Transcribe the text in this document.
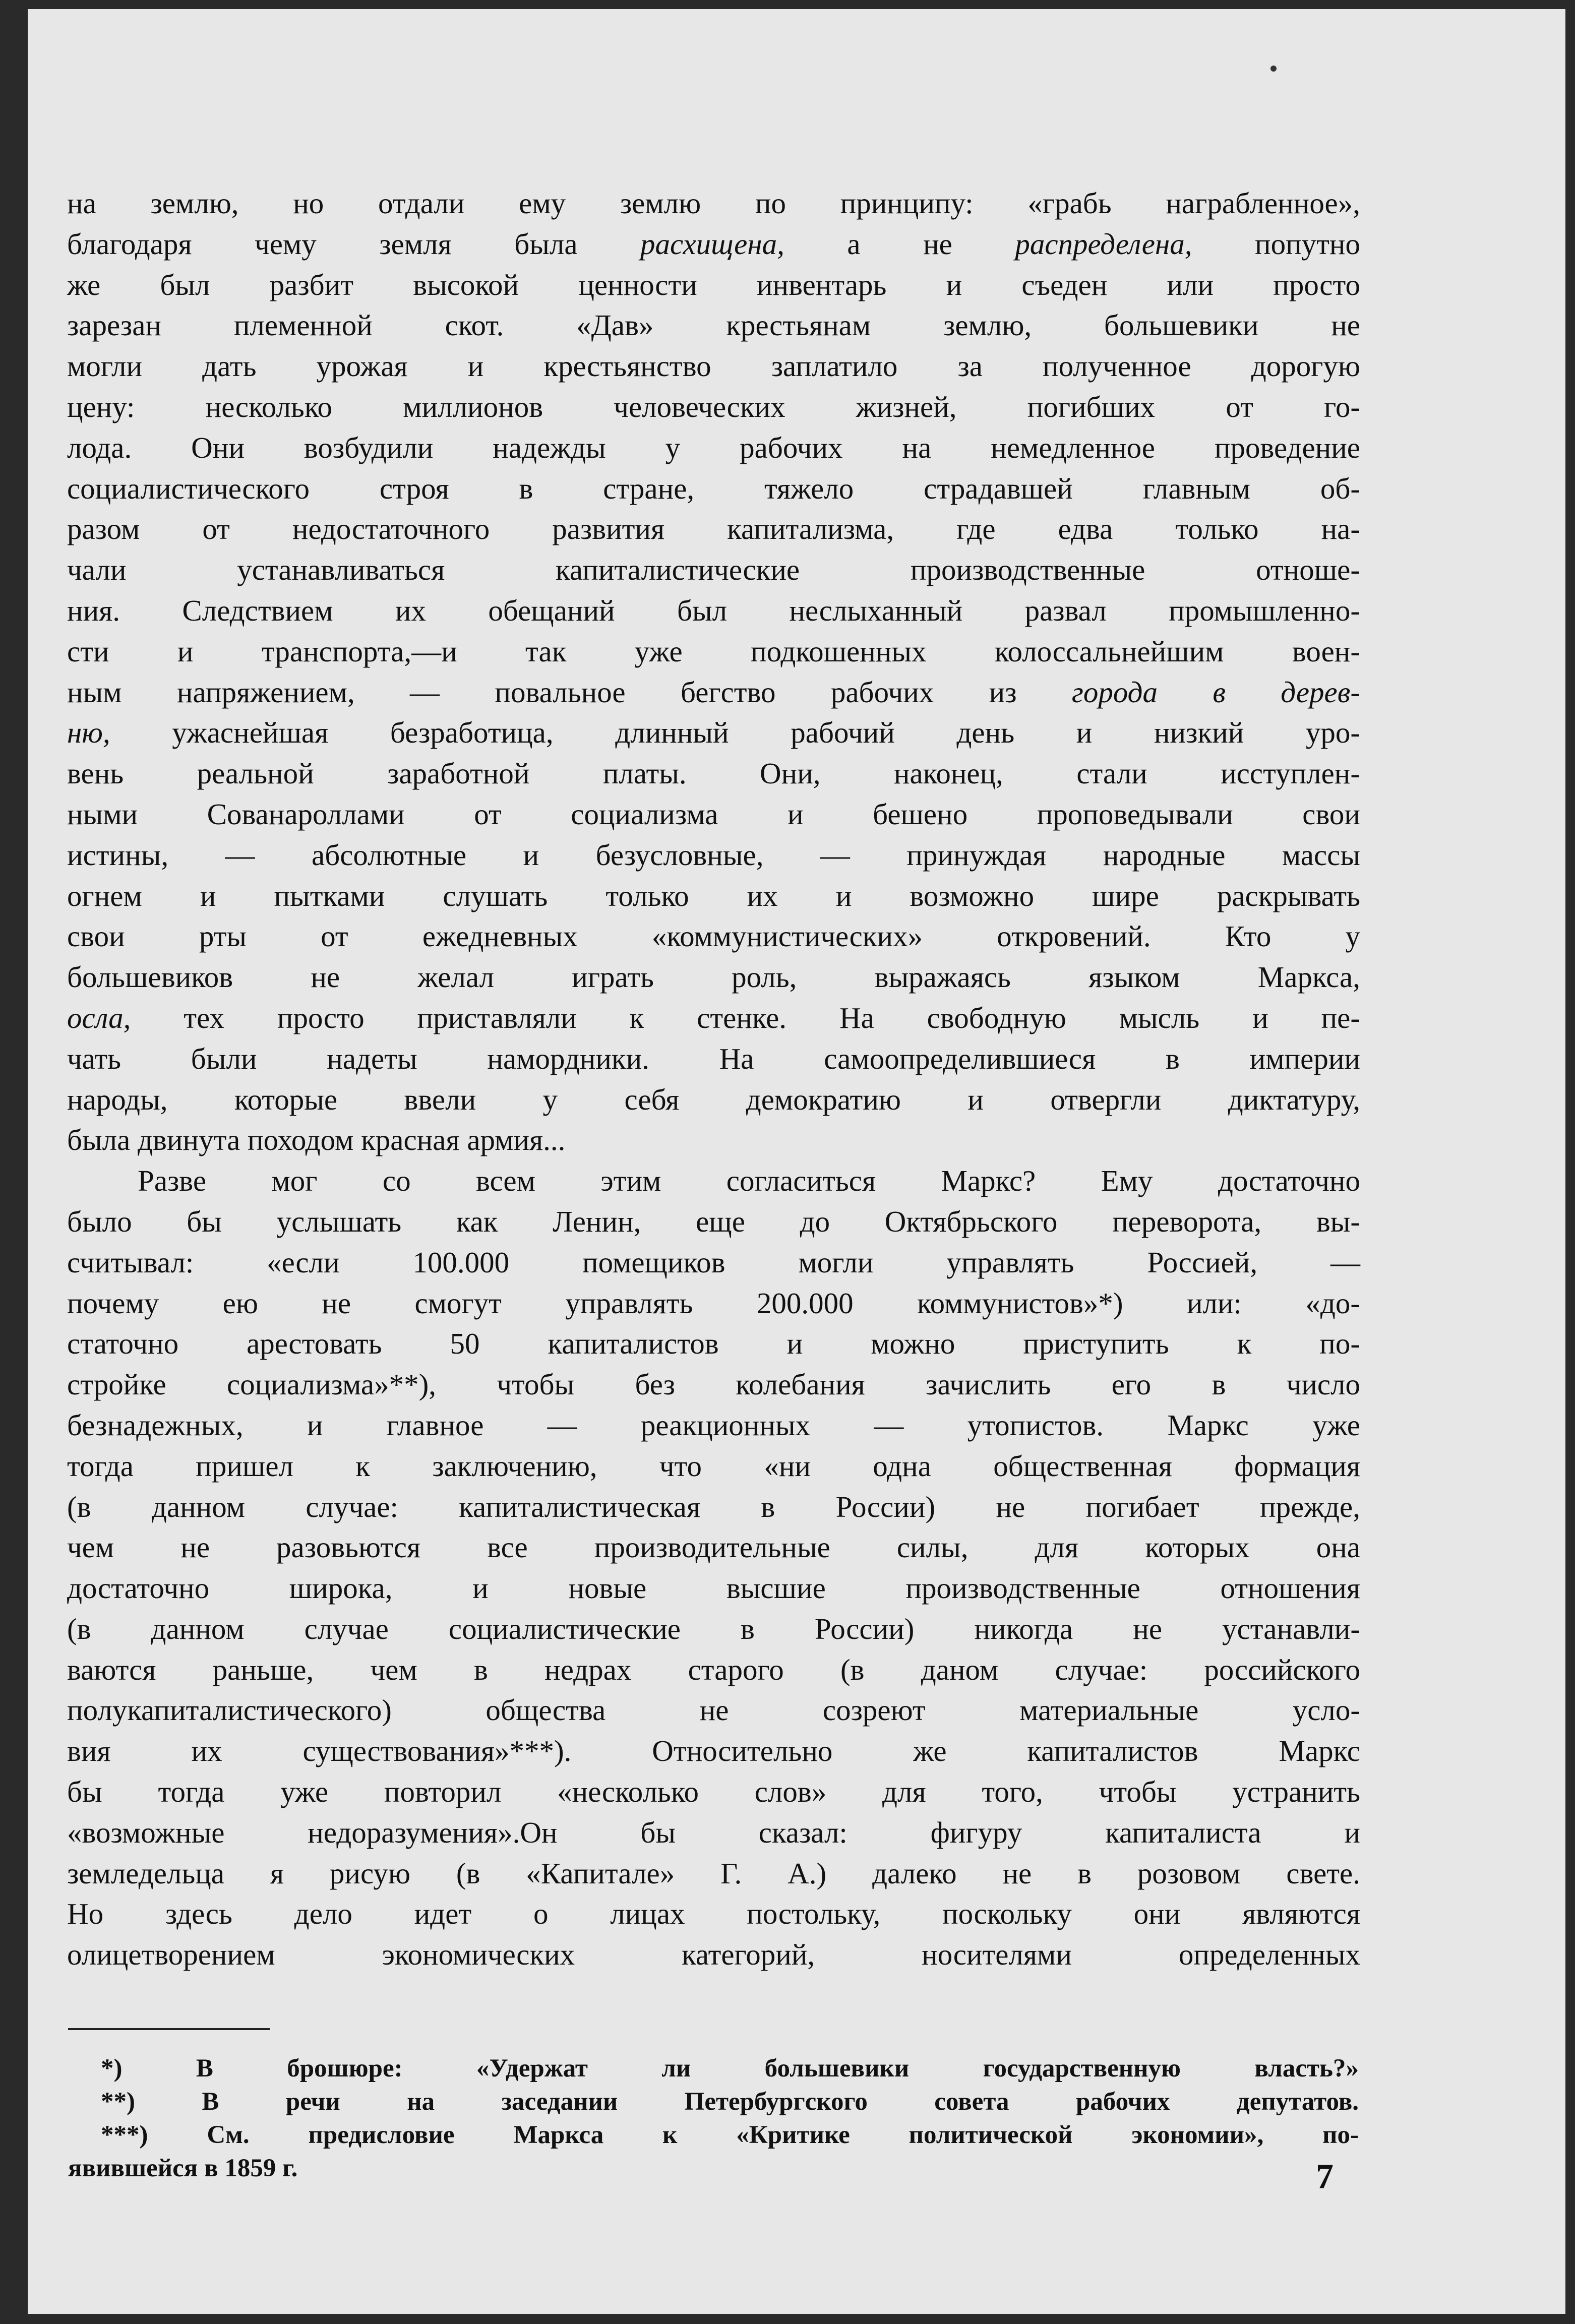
на землю, но отдали ему землю по принципу: «грабь награбленное»,
благодаря чему земля была расхищена, а не распределена, попутно
же был разбит высокой ценности инвентарь и съеден или просто
зарезан племенной скот. «Дав» крестьянам землю, большевики не
могли дать урожая и крестьянство заплатило за полученное дорогую
цену: несколько миллионов человеческих жизней, погибших от го-
лода. Они возбудили надежды у рабочих на немедленное проведение
социалистического строя в стране, тяжело страдавшей главным об-
разом от недостаточного развития капитализма, где едва только на-
чали устанавливаться капиталистические производственные отноше-
ния. Следствием их обещаний был неслыханный развал промышленно-
сти и транспорта,—и так уже подкошенных колоссальнейшим воен-
ным напряжением, — повальное бегство рабочих из города в дерев-
ню, ужаснейшая безработица, длинный рабочий день и низкий уро-
вень реальной заработной платы. Они, наконец, стали исступлен-
ными Сованароллами от социализма и бешено проповедывали свои
истины, — абсолютные и безусловные, — принуждая народные массы
огнем и пытками слушать только их и возможно шире раскрывать
свои рты от ежедневных «коммунистических» откровений. Кто у
большевиков не желал играть роль, выражаясь языком Маркса,
осла, тех просто приставляли к стенке. На свободную мысль и пе-
чать были надеты намордники. На самоопределившиеся в империи
народы, которые ввели у себя демократию и отвергли диктатуру,
была двинута походом красная армия...
Разве мог со всем этим согласиться Маркс? Ему достаточно
было бы услышать как Ленин, еще до Октябрьского переворота, вы-
считывал: «если 100.000 помещиков могли управлять Россией, —
почему ею не смогут управлять 200.000 коммунистов»*) или: «до-
статочно арестовать 50 капиталистов и можно приступить к по-
стройке социализма»**), чтобы без колебания зачислить его в число
безнадежных, и главное — реакционных — утопистов. Маркс уже
тогда пришел к заключению, что «ни одна общественная формация
(в данном случае: капиталистическая в России) не погибает прежде,
чем не разовьются все производительные силы, для которых она
достаточно широка, и новые высшие производственные отношения
(в данном случае социалистические в России) никогда не устанавли-
ваются раньше, чем в недрах старого (в даном случае: российского
полукапиталистического) общества не созреют материальные усло-
вия их существования»***). Относительно же капиталистов Маркс
бы тогда уже повторил «несколько слов» для того, чтобы устранить
«возможные недоразумения».Он бы сказал: фигуру капиталиста и
земледельца я рисую (в «Капитале» Г. А.) далеко не в розовом свете.
Но здесь дело идет о лицах постольку, поскольку они являются
олицетворением экономических категорий, носителями определенных
*) В брошюре: «Удержат ли большевики государственную власть?»
**) В речи на заседании Петербургского совета рабочих депутатов.
***) См. предисловие Маркса к «Критике политической экономии», по-
явившейся в 1859 г.	7
